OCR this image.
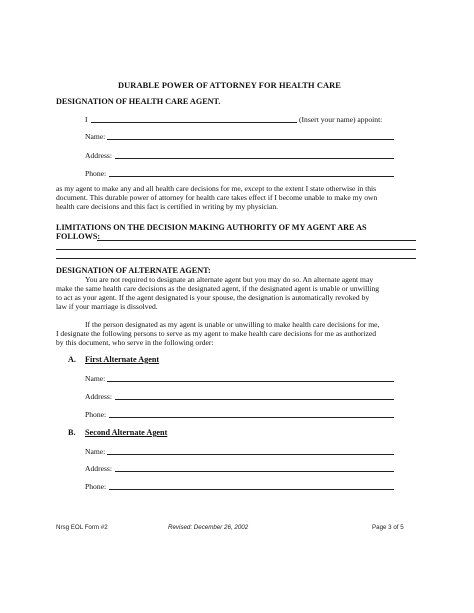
DURABLE POWER OF ATTORNEY FOR HEALTH CARE
DESIGNATION OF HEALTH CARE AGENT.
I	(Insert your name) appoint:
Name:
Address:
Phone:
as my agent to make any and all health care decisions for me, except to the extent I state otherwise in this
document. This durable power of attorney for health care takes effect if I become unable to make my own
health care decisions and this fact is certified in writing by my physician.
LIMITATIONS ON THE DECISION MAKING AUTHORITY OF MY AGENT ARE AS
FOLLOWS:
DESIGNATION OF ALTERNATE AGENT:
You are not required to designate an alternate agent but you may do so. An alternate agent may
make the same health care decisions as the designated agent, if the designated agent is unable or unwilling
to act as your agent. If the agent designated is your spouse, the designation is automatically revoked by
law if your marriage is dissolved.
If the person designated as my agent is unable or unwilling to make health care decisions for me,
I designate the following persons to serve as my agent to make health care decisions for me as authorized
by this document, who serve in the following order:
A. First Alternate Agent
Name:
Address:
Phone:
B. Second Alternate Agent
Name:
Address:
Phone:
Nrsg EOL Form #2	Revised: December 26, 2002	Page 3 of 5
